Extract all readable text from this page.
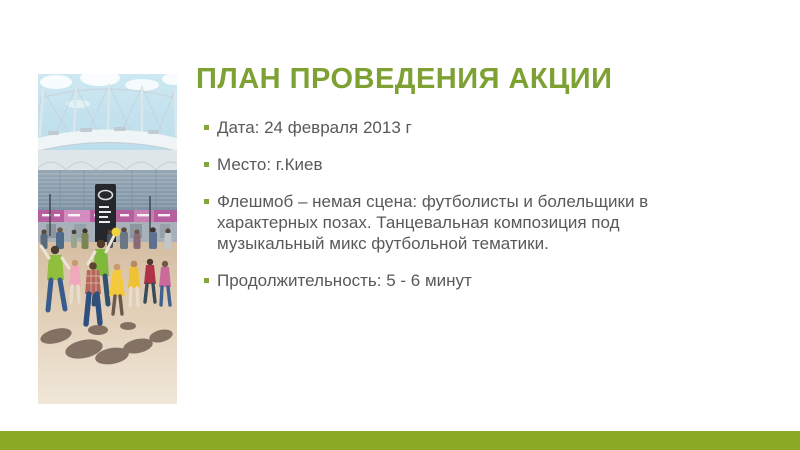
ПЛАН ПРОВЕДЕНИЯ АКЦИИ

Дата: 24 февраля 2013 г

Место: г.Киев

Флешмоб – немая сцена: футболисты и болельщики в
характерных позах. Танцевальная композиция под
музыкальный микс футбольной тематики.

Продолжительность: 5 - 6 минут
